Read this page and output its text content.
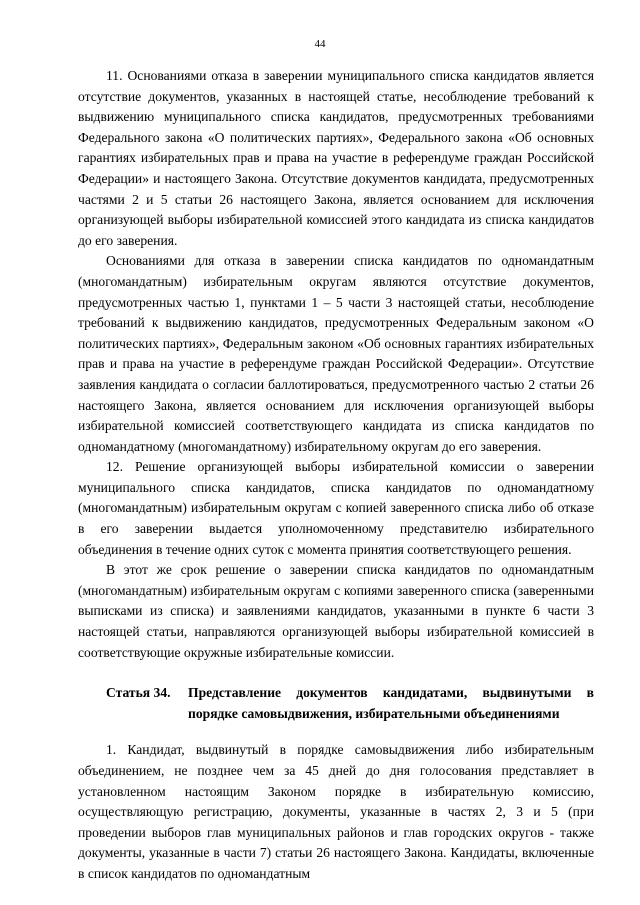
44

11. Основаниями отказа в заверении муниципального списка кандидатов является отсутствие документов, указанных в настоящей статье, несоблюдение требований к выдвижению муниципального списка кандидатов, предусмотренных требованиями Федерального закона «О политических партиях», Федерального закона «Об основных гарантиях избирательных прав и права на участие в референдуме граждан Российской Федерации» и настоящего Закона. Отсутствие документов кандидата, предусмотренных частями 2 и 5 статьи 26 настоящего Закона, является основанием для исключения организующей выборы избирательной комиссией этого кандидата из списка кандидатов до его заверения.

Основаниями для отказа в заверении списка кандидатов по одномандатным (многомандатным) избирательным округам являются отсутствие документов, предусмотренных частью 1, пунктами 1 – 5 части 3 настоящей статьи, несоблюдение требований к выдвижению кандидатов, предусмотренных Федеральным законом «О политических партиях», Федеральным законом «Об основных гарантиях избирательных прав и права на участие в референдуме граждан Российской Федерации». Отсутствие заявления кандидата о согласии баллотироваться, предусмотренного частью 2 статьи 26 настоящего Закона, является основанием для исключения организующей выборы избирательной комиссией соответствующего кандидата из списка кандидатов по одномандатному (многомандатному) избирательному округам до его заверения.

12. Решение организующей выборы избирательной комиссии о заверении муниципального списка кандидатов, списка кандидатов по одномандатному (многомандатным) избирательным округам с копией заверенного списка либо об отказе в его заверении выдается уполномоченному представителю избирательного объединения в течение одних суток с момента принятия соответствующего решения.

В этот же срок решение о заверении списка кандидатов по одномандатным (многомандатным) избирательным округам с копиями заверенного списка (заверенными выписками из списка) и заявлениями кандидатов, указанными в пункте 6 части 3 настоящей статьи, направляются организующей выборы избирательной комиссией в соответствующие окружные избирательные комиссии.

Статья 34.	Представление документов кандидатами, выдвинутыми в порядке самовыдвижения, избирательными объединениями

1. Кандидат, выдвинутый в порядке самовыдвижения либо избирательным объединением, не позднее чем за 45 дней до дня голосования представляет в установленном настоящим Законом порядке в избирательную комиссию, осуществляющую регистрацию, документы, указанные в частях 2, 3 и 5 (при проведении выборов глав муниципальных районов и глав городских округов - также документы, указанные в части 7) статьи 26 настоящего Закона. Кандидаты, включенные в список кандидатов по одномандатным
